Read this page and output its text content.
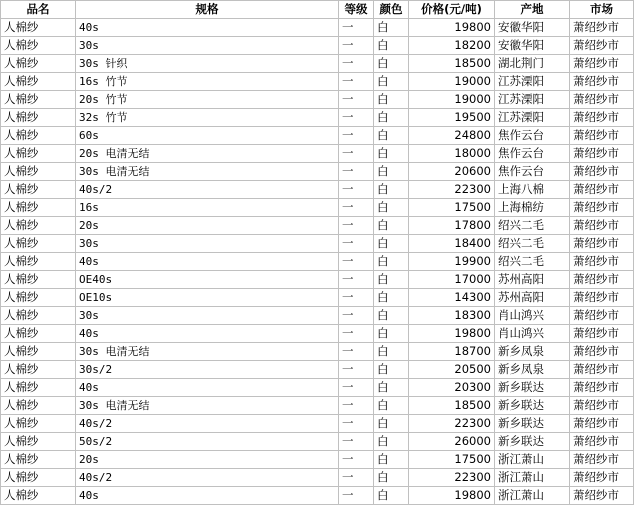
品名	规格	等级	颜色	价格(元/吨)	产地	市场
人棉纱	40s	一	白	19800	安徽华阳	萧绍纱市
人棉纱	30s	一	白	18200	安徽华阳	萧绍纱市
人棉纱	30s 针织	一	白	18500	湖北荆门	萧绍纱市
人棉纱	16s 竹节	一	白	19000	江苏溧阳	萧绍纱市
人棉纱	20s 竹节	一	白	19000	江苏溧阳	萧绍纱市
人棉纱	32s 竹节	一	白	19500	江苏溧阳	萧绍纱市
人棉纱	60s	一	白	24800	焦作云台	萧绍纱市
人棉纱	20s 电清无结	一	白	18000	焦作云台	萧绍纱市
人棉纱	30s 电清无结	一	白	20600	焦作云台	萧绍纱市
人棉纱	40s/2	一	白	22300	上海八棉	萧绍纱市
人棉纱	16s	一	白	17500	上海棉纺	萧绍纱市
人棉纱	20s	一	白	17800	绍兴二毛	萧绍纱市
人棉纱	30s	一	白	18400	绍兴二毛	萧绍纱市
人棉纱	40s	一	白	19900	绍兴二毛	萧绍纱市
人棉纱	OE40s	一	白	17000	苏州高阳	萧绍纱市
人棉纱	OE10s	一	白	14300	苏州高阳	萧绍纱市
人棉纱	30s	一	白	18300	肖山鸿兴	萧绍纱市
人棉纱	40s	一	白	19800	肖山鸿兴	萧绍纱市
人棉纱	30s 电清无结	一	白	18700	新乡凤泉	萧绍纱市
人棉纱	30s/2	一	白	20500	新乡凤泉	萧绍纱市
人棉纱	40s	一	白	20300	新乡联达	萧绍纱市
人棉纱	30s 电清无结	一	白	18500	新乡联达	萧绍纱市
人棉纱	40s/2	一	白	22300	新乡联达	萧绍纱市
人棉纱	50s/2	一	白	26000	新乡联达	萧绍纱市
人棉纱	20s	一	白	17500	浙江萧山	萧绍纱市
人棉纱	40s/2	一	白	22300	浙江萧山	萧绍纱市
人棉纱	40s	一	白	19800	浙江萧山	萧绍纱市
